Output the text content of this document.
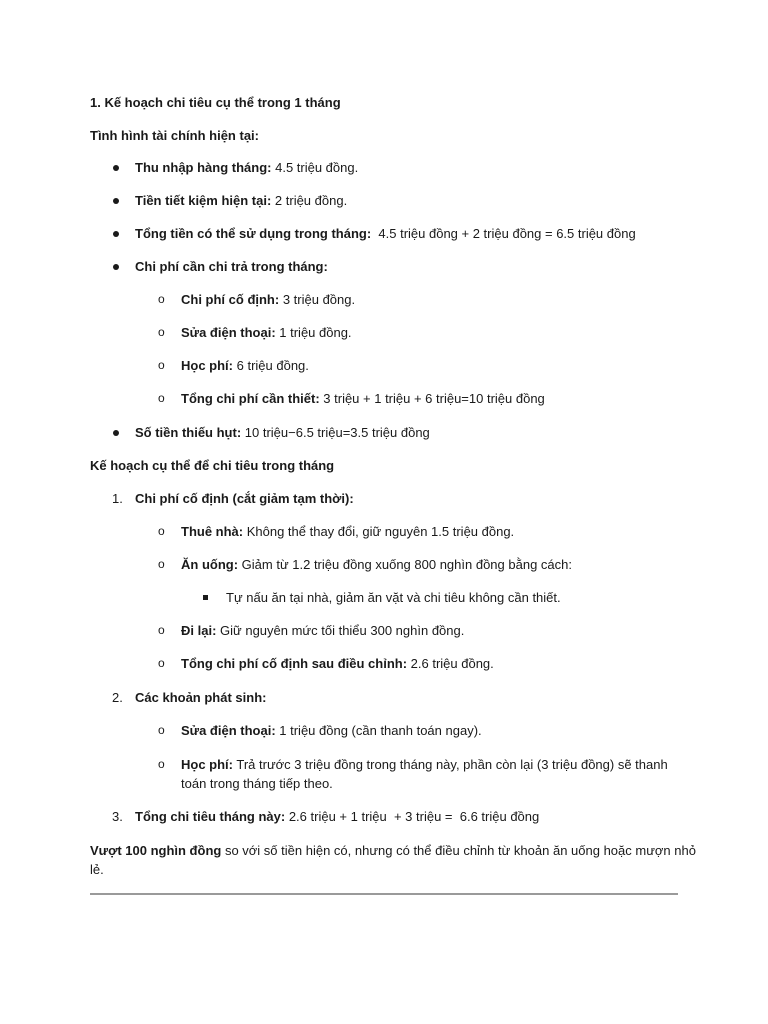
1. Kế hoạch chi tiêu cụ thể trong 1 tháng
Tình hình tài chính hiện tại:
Thu nhập hàng tháng: 4.5 triệu đồng.
Tiền tiết kiệm hiện tại: 2 triệu đồng.
Tổng tiền có thể sử dụng trong tháng:  4.5 triệu đồng + 2 triệu đồng = 6.5 triệu đồng
Chi phí cần chi trả trong tháng:
o Chi phí cố định: 3 triệu đồng.
o Sửa điện thoại: 1 triệu đồng.
o Học phí: 6 triệu đồng.
o Tổng chi phí cần thiết: 3 triệu + 1 triệu + 6 triệu=10 triệu đồng
Số tiền thiếu hụt: 10 triệu−6.5 triệu=3.5 triệu đồng
Kế hoạch cụ thể để chi tiêu trong tháng
1. Chi phí cố định (cắt giảm tạm thời):
o Thuê nhà: Không thể thay đổi, giữ nguyên 1.5 triệu đồng.
o Ăn uống: Giảm từ 1.2 triệu đồng xuống 800 nghìn đồng bằng cách:
Tự nấu ăn tại nhà, giảm ăn vặt và chi tiêu không cần thiết.
o Đi lại: Giữ nguyên mức tối thiểu 300 nghìn đồng.
o Tổng chi phí cố định sau điều chỉnh: 2.6 triệu đồng.
2. Các khoản phát sinh:
o Sửa điện thoại: 1 triệu đồng (cần thanh toán ngay).
o Học phí: Trả trước 3 triệu đồng trong tháng này, phần còn lại (3 triệu đồng) sẽ thanh
toán trong tháng tiếp theo.
3. Tổng chi tiêu tháng này: 2.6 triệu + 1 triệu  + 3 triệu =  6.6 triệu đồng
Vượt 100 nghìn đồng so với số tiền hiện có, nhưng có thể điều chỉnh từ khoản ăn uống hoặc mượn nhỏ
lẻ.
